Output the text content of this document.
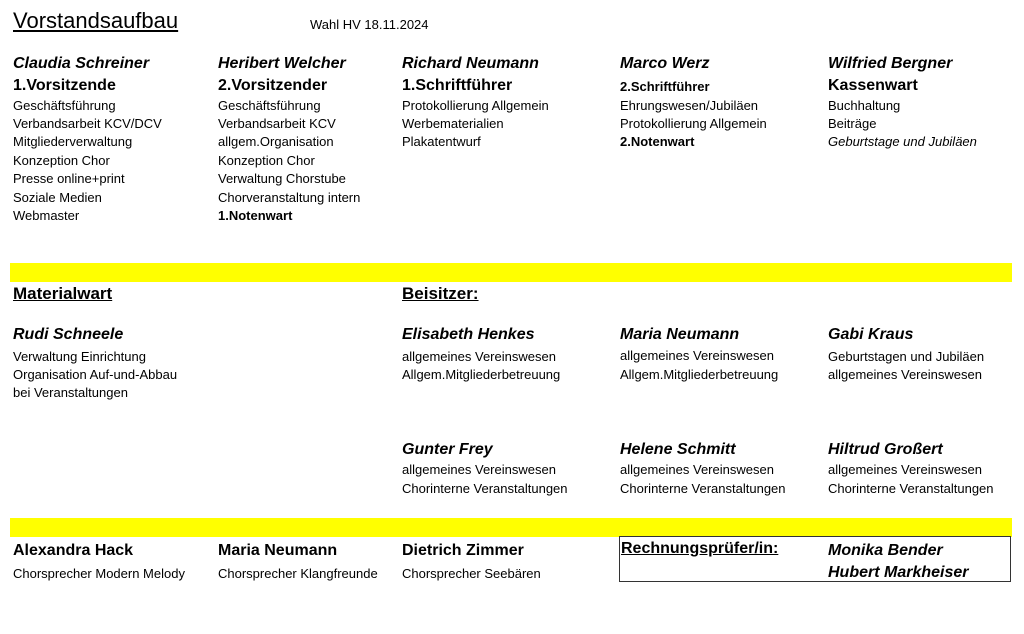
Vorstandsaufbau	Wahl HV 18.11.2024
Claudia Schreiner
1.Vorsitzende
Geschäftsführung
Verbandsarbeit KCV/DCV
Mitgliederverwaltung
Konzeption Chor
Presse online+print
Soziale Medien
Webmaster
Heribert Welcher
2.Vorsitzender
Geschäftsführung
Verbandsarbeit KCV
allgem.Organisation
Konzeption Chor
Verwaltung Chorstube
Chorveranstaltung intern
1.Notenwart
Richard Neumann
1.Schriftführer
Protokollierung Allgemein
Werbematerialien
Plakatentwurf
Marco Werz
2.Schriftführer
Ehrungswesen/Jubiläen
Protokollierung Allgemein
2.Notenwart
Wilfried Bergner
Kassenwart
Buchhaltung
Beiträge
Geburtstage und Jubiläen
Materialwart
Rudi Schneele
Verwaltung Einrichtung
Organisation Auf-und-Abbau
bei Veranstaltungen
Beisitzer:
Elisabeth Henkes
allgemeines Vereinswesen
Allgem.Mitgliederbetreuung
Maria Neumann
allgemeines Vereinswesen
Allgem.Mitgliederbetreuung
Gabi Kraus
Geburtstagen und Jubiläen
allgemeines Vereinswesen
Gunter Frey
allgemeines Vereinswesen
Chorinterne Veranstaltungen
Helene Schmitt
allgemeines Vereinswesen
Chorinterne Veranstaltungen
Hiltrud Großert
allgemeines Vereinswesen
Chorinterne Veranstaltungen
Alexandra Hack
Chorsprecher Modern Melody
Maria Neumann
Chorsprecher Klangfreunde
Dietrich Zimmer
Chorsprecher Seebären
Rechnungsprüfer/in:	Monika Bender
Hubert Markheiser
